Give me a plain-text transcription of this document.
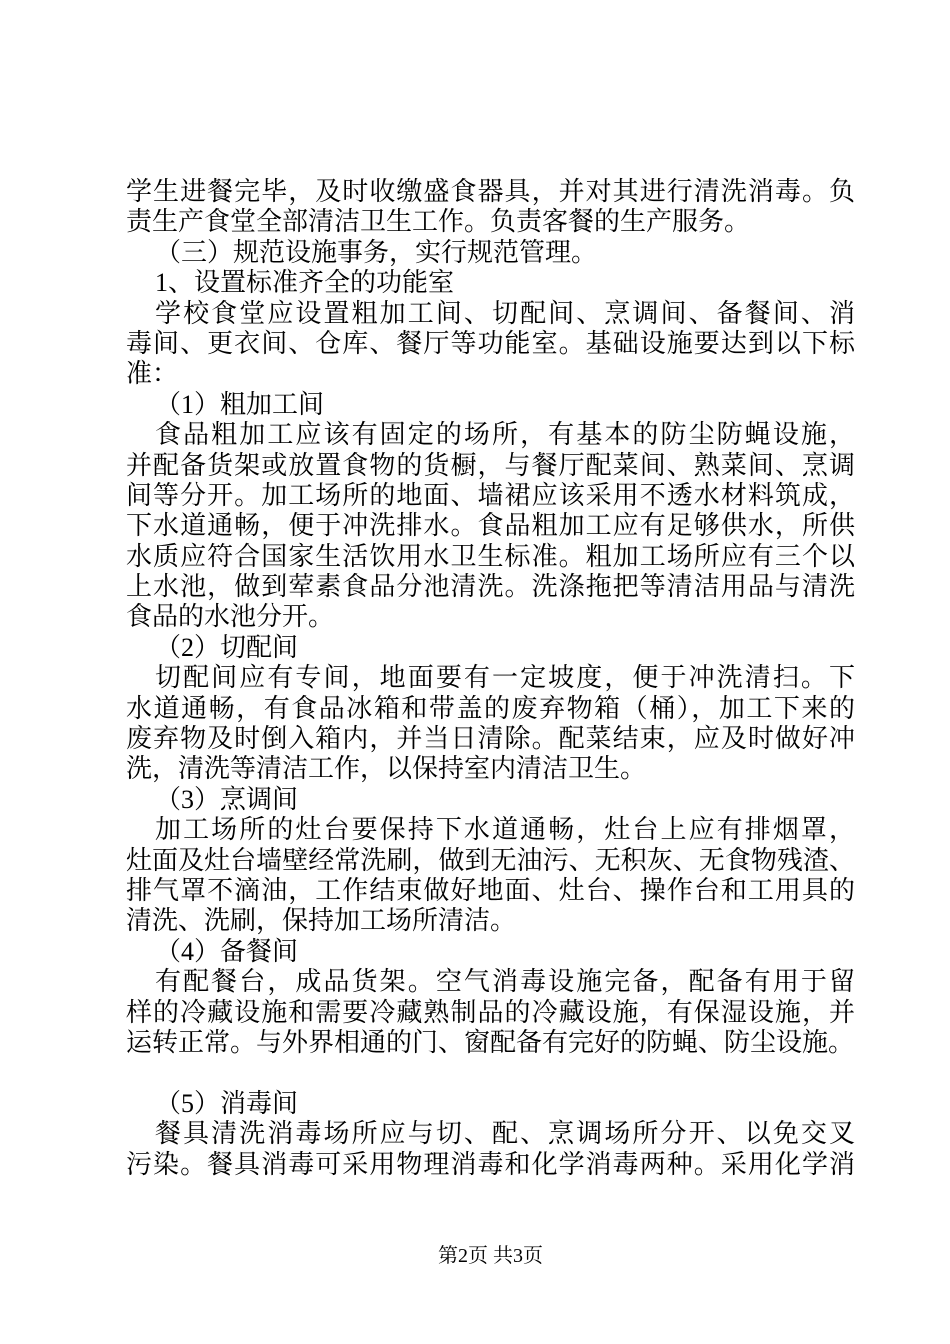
学生进餐完毕，及时收缴盛食器具，并对其进行清洗消毒。负
责生产食堂全部清洁卫生工作。负责客餐的生产服务。
（三）规范设施事务，实行规范管理。
1、设置标准齐全的功能室
学校食堂应设置粗加工间、切配间、烹调间、备餐间、消
毒间、更衣间、仓库、餐厅等功能室。基础设施要达到以下标
准：
（1）粗加工间
食品粗加工应该有固定的场所，有基本的防尘防蝇设施，
并配备货架或放置食物的货橱，与餐厅配菜间、熟菜间、烹调
间等分开。加工场所的地面、墙裙应该采用不透水材料筑成，
下水道通畅，便于冲洗排水。食品粗加工应有足够供水，所供
水质应符合国家生活饮用水卫生标准。粗加工场所应有三个以
上水池，做到荤素食品分池清洗。洗涤拖把等清洁用品与清洗
食品的水池分开。
（2）切配间
切配间应有专间，地面要有一定坡度，便于冲洗清扫。下
水道通畅，有食品冰箱和带盖的废弃物箱（桶），加工下来的
废弃物及时倒入箱内，并当日清除。配菜结束，应及时做好冲
洗，清洗等清洁工作，以保持室内清洁卫生。
（3）烹调间
加工场所的灶台要保持下水道通畅，灶台上应有排烟罩，
灶面及灶台墙壁经常洗刷，做到无油污、无积灰、无食物残渣、
排气罩不滴油，工作结束做好地面、灶台、操作台和工用具的
清洗、洗刷，保持加工场所清洁。
（4）备餐间
有配餐台，成品货架。空气消毒设施完备，配备有用于留
样的冷藏设施和需要冷藏熟制品的冷藏设施，有保湿设施，并
运转正常。与外界相通的门、窗配备有完好的防蝇、防尘设施。

（5）消毒间
餐具清洗消毒场所应与切、配、烹调场所分开、以免交叉
污染。餐具消毒可采用物理消毒和化学消毒两种。采用化学消
第2页 共3页
